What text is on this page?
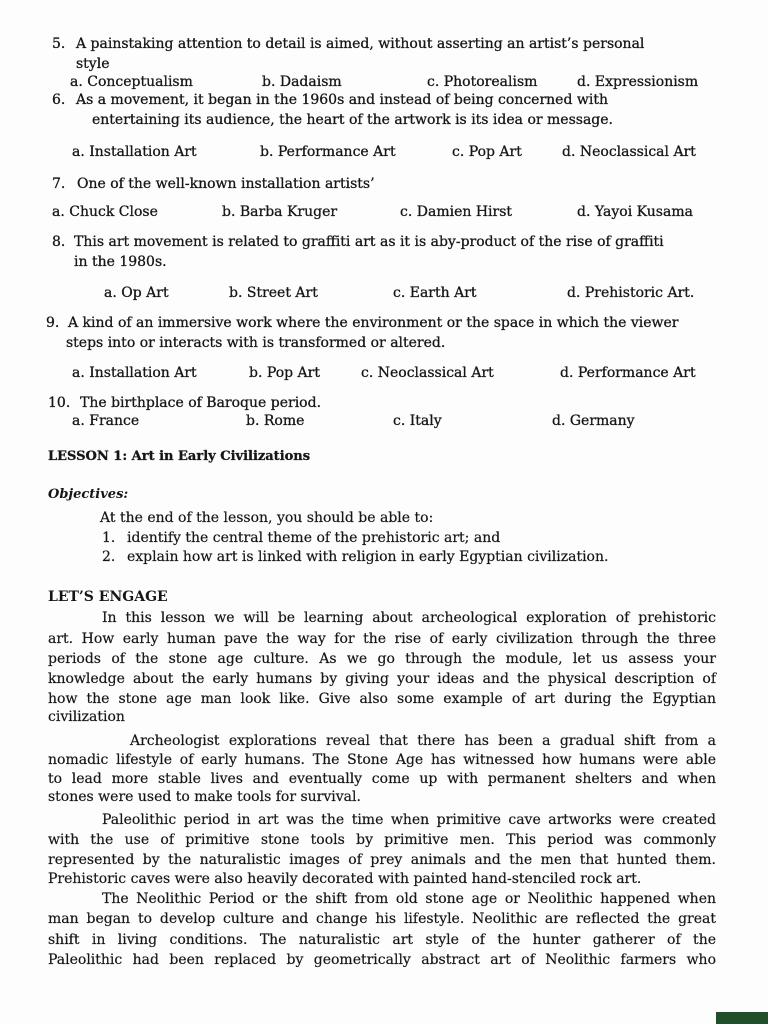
5. A painstaking attention to detail is aimed, without asserting an artist’s personal
style
a. Conceptualism	b. Dadaism	c. Photorealism	d. Expressionism
6. As a movement, it began in the 1960s and instead of being concerned with
entertaining its audience, the heart of the artwork is its idea or message.
a. Installation Art	b. Performance Art	c. Pop Art	d. Neoclassical Art
7. One of the well-known installation artists’
a. Chuck Close	b. Barba Kruger	c. Damien Hirst	d. Yayoi Kusama
8. This art movement is related to graffiti art as it is aby-product of the rise of graffiti
in the 1980s.
a. Op Art	b. Street Art	c. Earth Art	d. Prehistoric Art.
9. A kind of an immersive work where the environment or the space in which the viewer
steps into or interacts with is transformed or altered.
a. Installation Art	b. Pop Art	c. Neoclassical Art	d. Performance Art
10. The birthplace of Baroque period.
a. France	b. Rome	c. Italy	d. Germany
LESSON 1: Art in Early Civilizations
Objectives:
At the end of the lesson, you should be able to:
1. identify the central theme of the prehistoric art; and
2. explain how art is linked with religion in early Egyptian civilization.
LET’S ENGAGE
In this lesson we will be learning about archeological exploration of prehistoric
art. How early human pave the way for the rise of early civilization through the three
periods of the stone age culture. As we go through the module, let us assess your
knowledge about the early humans by giving your ideas and the physical description of
how the stone age man look like. Give also some example of art during the Egyptian
civilization
Archeologist explorations reveal that there has been a gradual shift from a
nomadic lifestyle of early humans. The Stone Age has witnessed how humans were able
to lead more stable lives and eventually come up with permanent shelters and when
stones were used to make tools for survival.
Paleolithic period in art was the time when primitive cave artworks were created
with the use of primitive stone tools by primitive men. This period was commonly
represented by the naturalistic images of prey animals and the men that hunted them.
Prehistoric caves were also heavily decorated with painted hand-stenciled rock art.
The Neolithic Period or the shift from old stone age or Neolithic happened when
man began to develop culture and change his lifestyle. Neolithic are reflected the great
shift in living conditions. The naturalistic art style of the hunter gatherer of the
Paleolithic had been replaced by geometrically abstract art of Neolithic farmers who
